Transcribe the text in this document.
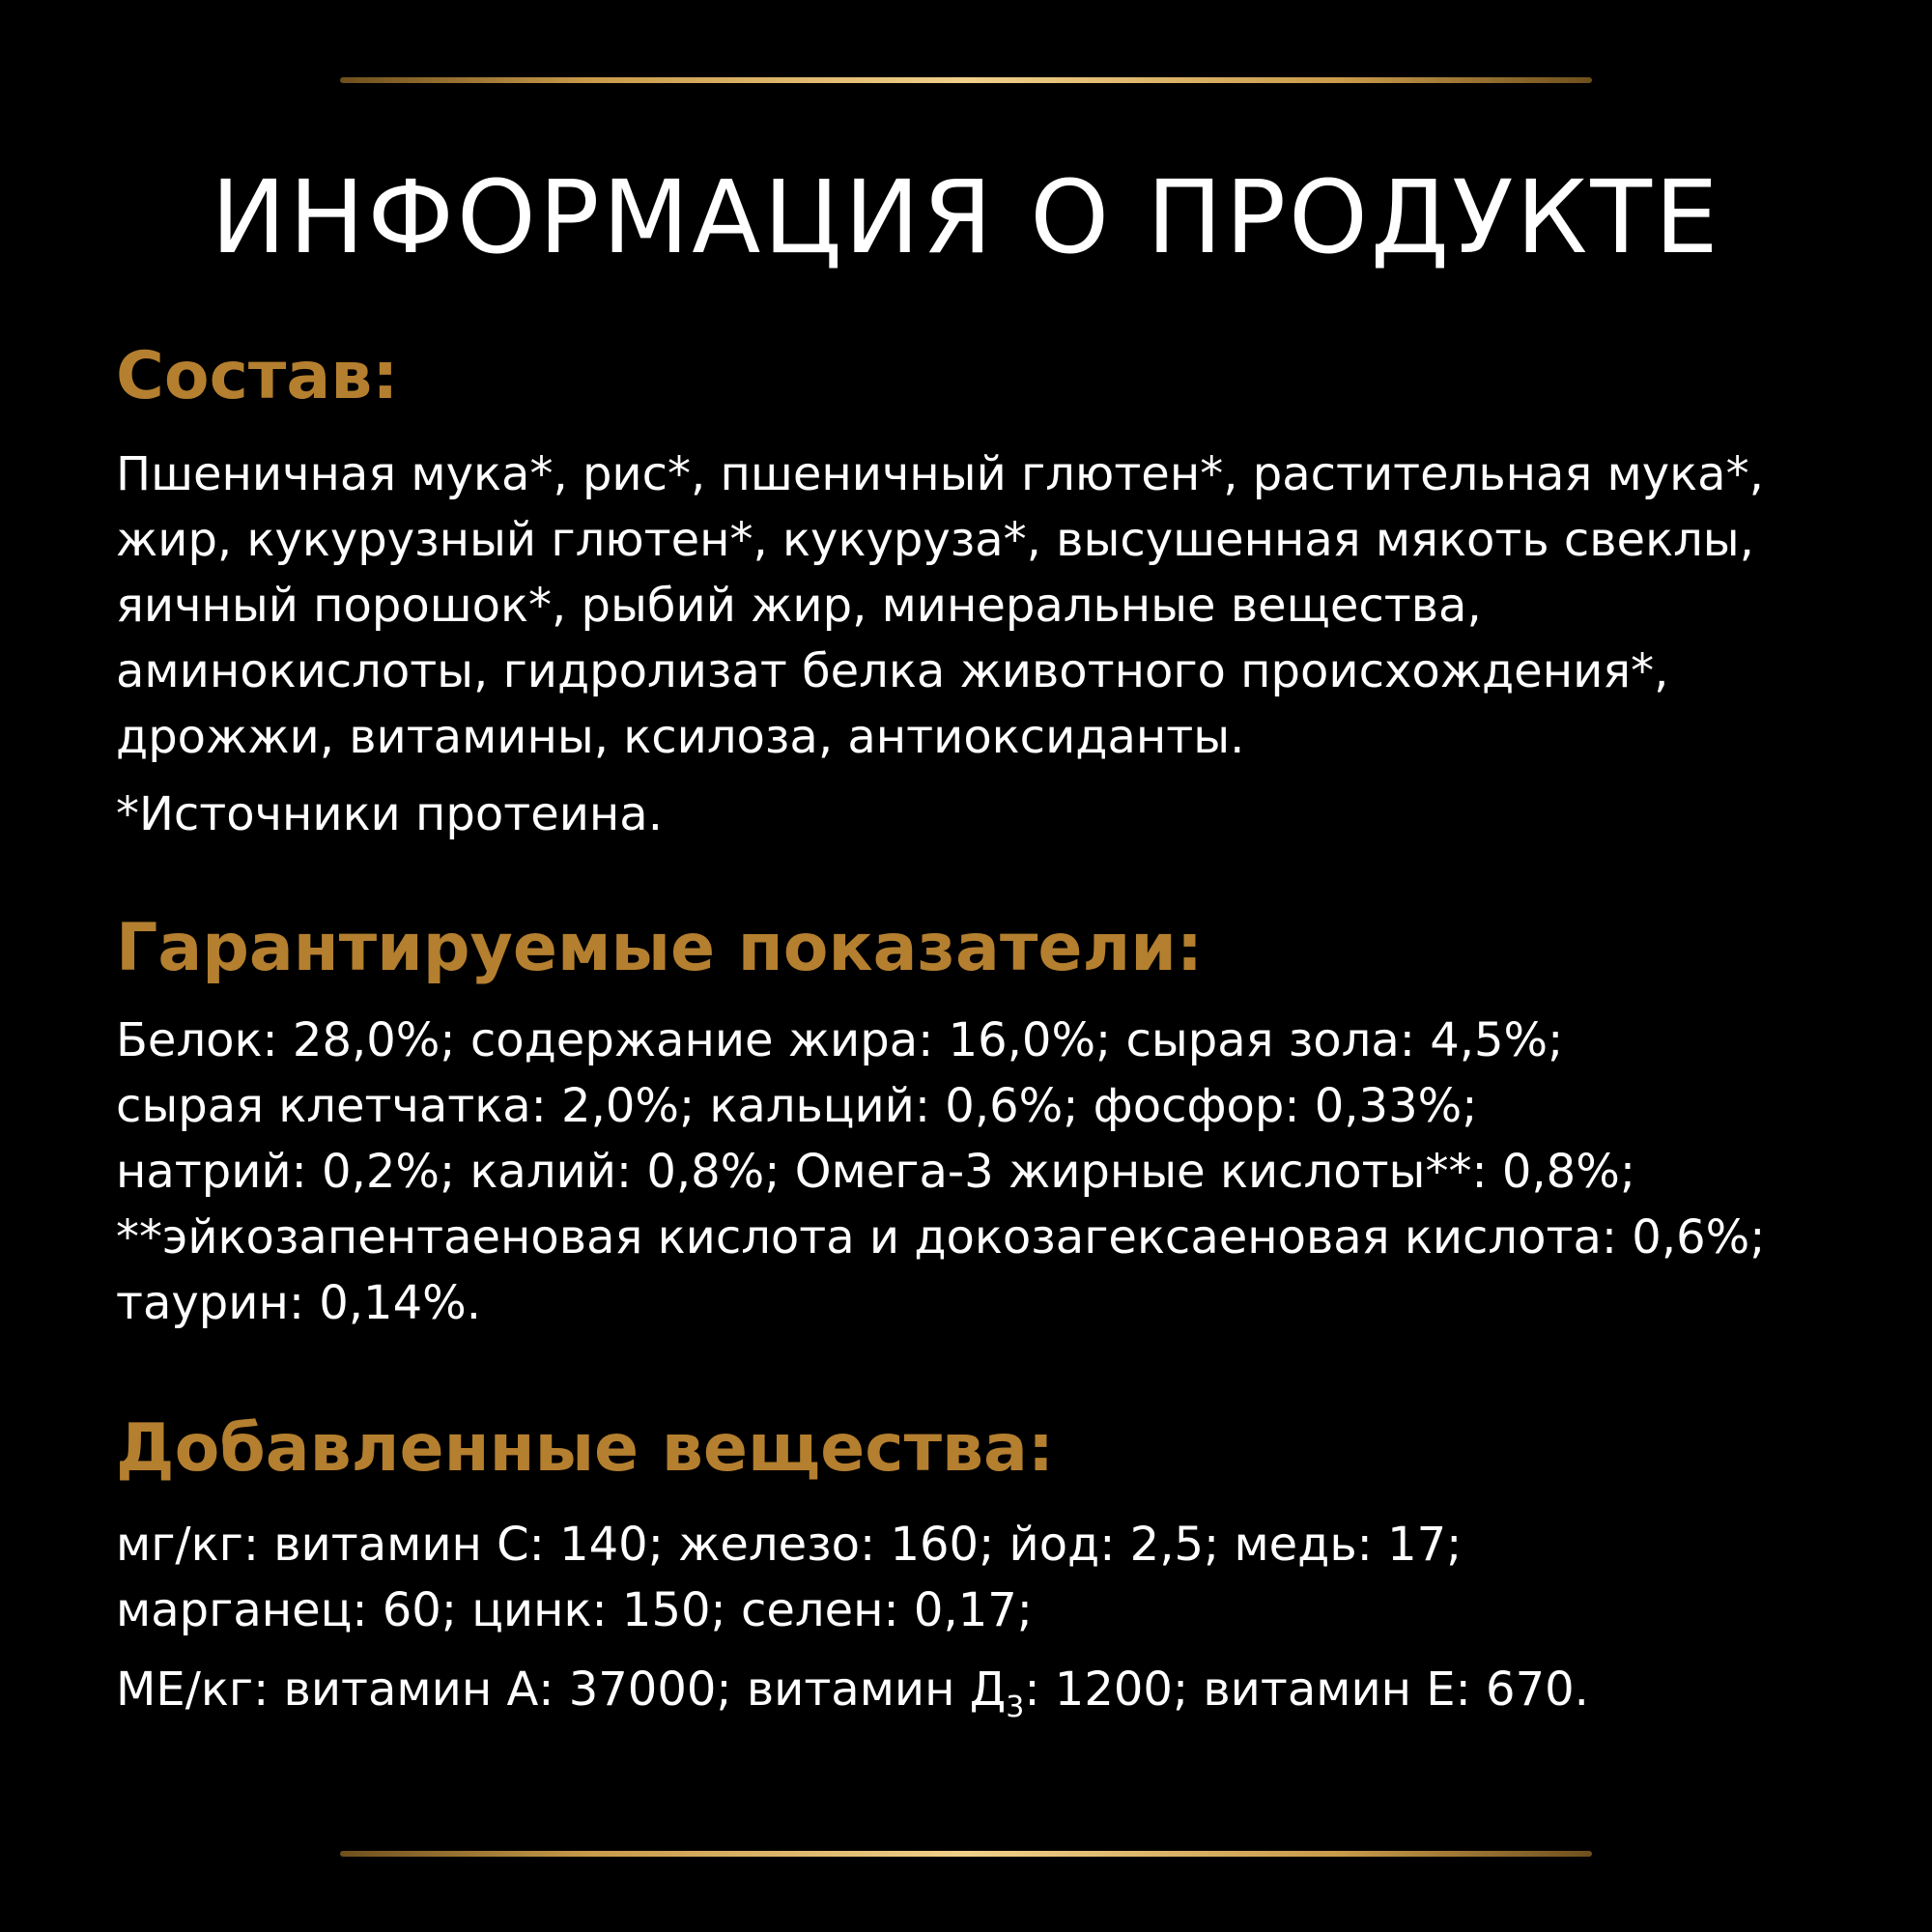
ИНФОРМАЦИЯ О ПРОДУКТЕ
Состав:

Пшеничная мука*, рис*, пшеничный глютен*, растительная мука*,

жир, кукурузный глютен*, кукуруза*, высушенная мякоть свеклы,

яичный порошок*, рыбий жир, минеральные вещества,

аминокислоты, гидролизат белка животного происхождения*,

дрожжи, витамины, ксилоза, антиоксиданты.

*Источники протеина.

Гарантируемые показатели:

Белок: 28,0%; содержание жира: 16,0%; сырая зола: 4,5%;

сырая клетчатка: 2,0%; кальций: 0,6%; фосфор: 0,33%;

натрий: 0,2%; калий: 0,8%; Омега-3 жирные кислоты**: 0,8%;

**эйкозапентаеновая кислота и докозагексаеновая кислота: 0,6%;

таурин: 0,14%.

Добавленные вещества:

мг/кг: витамин С: 140; железо: 160; йод: 2,5; медь: 17;

марганец: 60; цинк: 150; селен: 0,17;

МЕ/кг: витамин А: 37000; витамин $Д_3$: 1200; витамин Е: 670.
